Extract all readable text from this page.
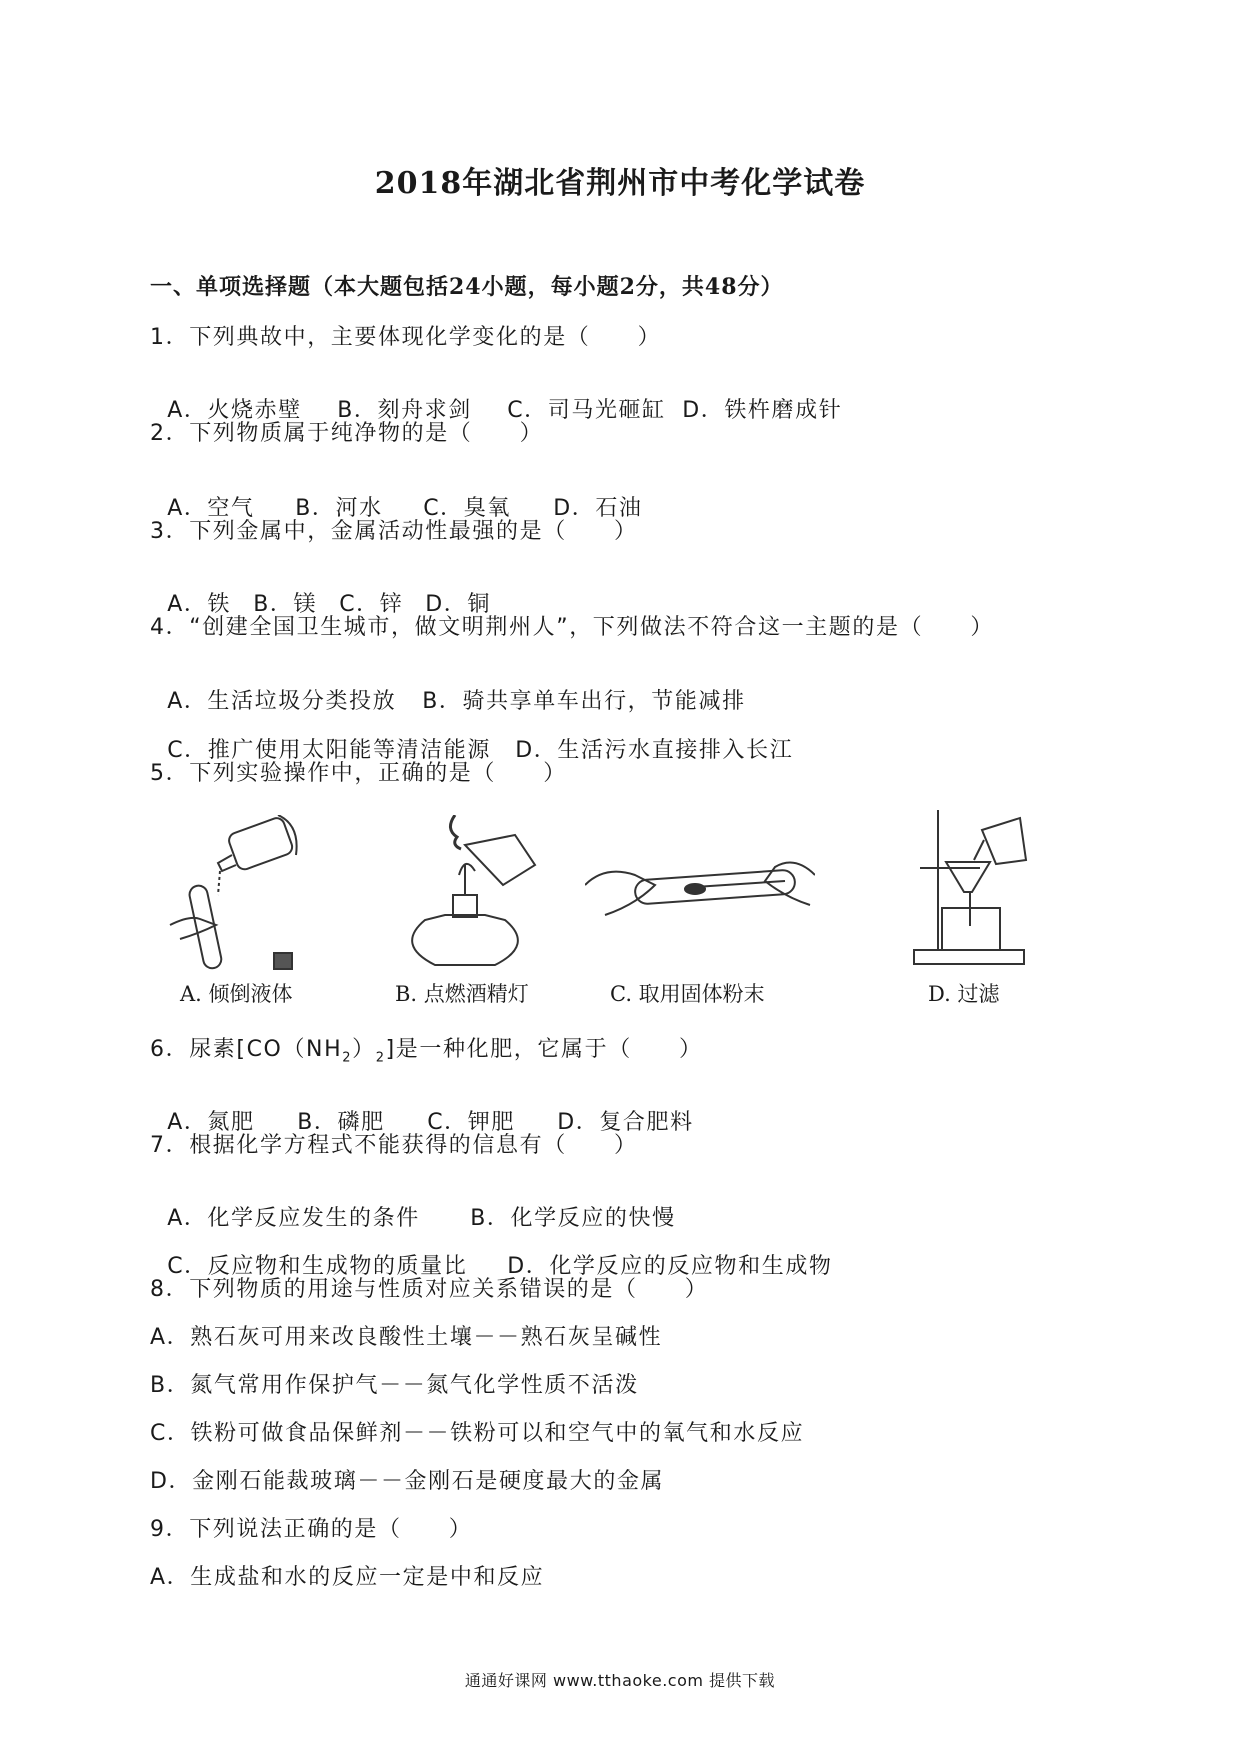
2018年湖北省荆州市中考化学试卷
一、单项选择题（本大题包括24小题，每小题2分，共48分）
1．下列典故中，主要体现化学变化的是（　　）

A．火烧赤壁 B．刻舟求剑 C．司马光砸缸 D．铁杵磨成针

2．下列物质属于纯净物的是（　　）

A．空气 B．河水 C．臭氧 D．石油

3．下列金属中，金属活动性最强的是（　　）

A．铁 B．镁 C．锌 D．铜

4．“创建全国卫生城市，做文明荆州人”，下列做法不符合这一主题的是（　　）

A．生活垃圾分类投放 B．骑共享单车出行，节能减排

C．推广使用太阳能等清洁能源 D．生活污水直接排入长江

5．下列实验操作中，正确的是（　　）
A. 倾倒液体	B. 点燃酒精灯	C. 取用固体粉末	D. 过滤
6．尿素$[CO(NH_2)_2]$是一种化肥，它属于（　　）

A．氮肥 B．磷肥 C．钾肥 D．复合肥料

7．根据化学方程式不能获得的信息有（　　）

A．化学反应发生的条件 B．化学反应的快慢

C．反应物和生成物的质量比 D．化学反应的反应物和生成物

8．下列物质的用途与性质对应关系错误的是（　　）
A．熟石灰可用来改良酸性土壤－－熟石灰呈碱性
B．氮气常用作保护气－－氮气化学性质不活泼
C．铁粉可做食品保鲜剂－－铁粉可以和空气中的氧气和水反应
D．金刚石能裁玻璃－－金刚石是硬度最大的金属
9．下列说法正确的是（　　）
A．生成盐和水的反应一定是中和反应
通通好课网 www.tthaoke.com 提供下载
